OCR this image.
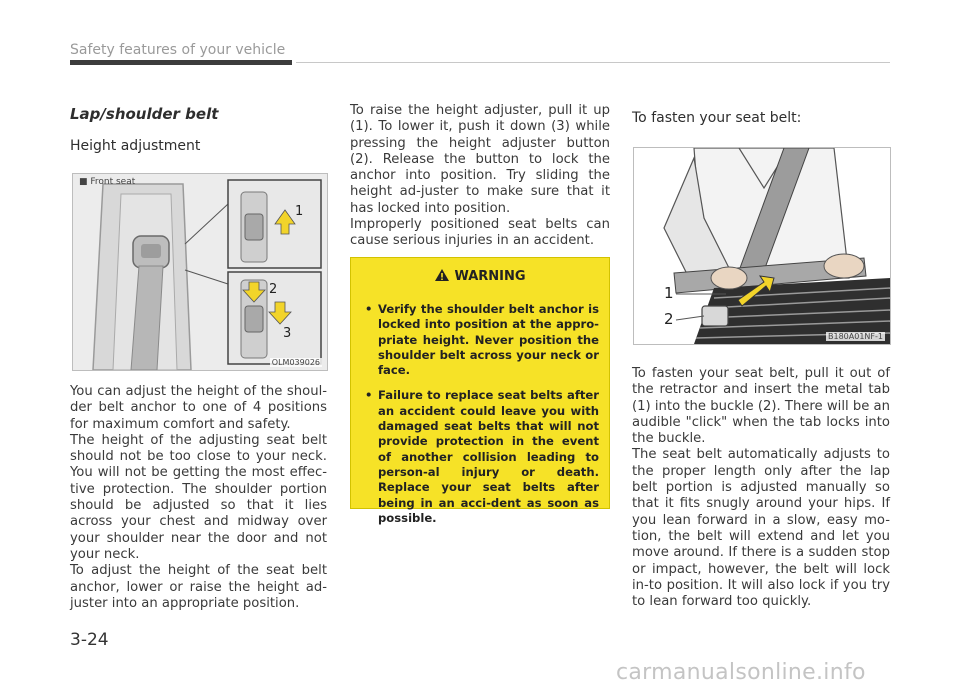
Safety features of your vehicle
Lap/shoulder belt
Height adjustment
■ Front seat
1
2
3
OLM039026

You can adjust the height of the shoul-der belt anchor to one of 4 positions for maximum comfort and safety.

The height of the adjusting seat belt should not be too close to your neck. You will not be getting the most effec-tive protection. The shoulder portion should be adjusted so that it lies across your chest and midway over your shoulder near the door and not your neck.

To adjust the height of the seat belt anchor, lower or raise the height ad-juster into an appropriate position.

To raise the height adjuster, pull it up (1). To lower it, push it down (3) while pressing the height adjuster button (2). Release the button to lock the anchor into position. Try sliding the height ad-juster to make sure that it has locked into position.

Improperly positioned seat belts can cause serious injuries in an accident.

WARNING
• Verify the shoulder belt anchor is locked into position at the appro-priate height. Never position the shoulder belt across your neck or face.
• Failure to replace seat belts after an accident could leave you with damaged seat belts that will not provide protection in the event of another collision leading to person-al injury or death. Replace your seat belts after being in an acci-dent as soon as possible.
To fasten your seat belt:
1
2
B180A01NF-1

To fasten your seat belt, pull it out of the retractor and insert the metal tab (1) into the buckle (2). There will be an audible "click" when the tab locks into the buckle.

The seat belt automatically adjusts to the proper length only after the lap belt portion is adjusted manually so that it fits snugly around your hips. If you lean forward in a slow, easy mo-tion, the belt will extend and let you move around. If there is a sudden stop or impact, however, the belt will lock in-to position. It will also lock if you try to lean forward too quickly.

3-24
carmanualsonline.info
